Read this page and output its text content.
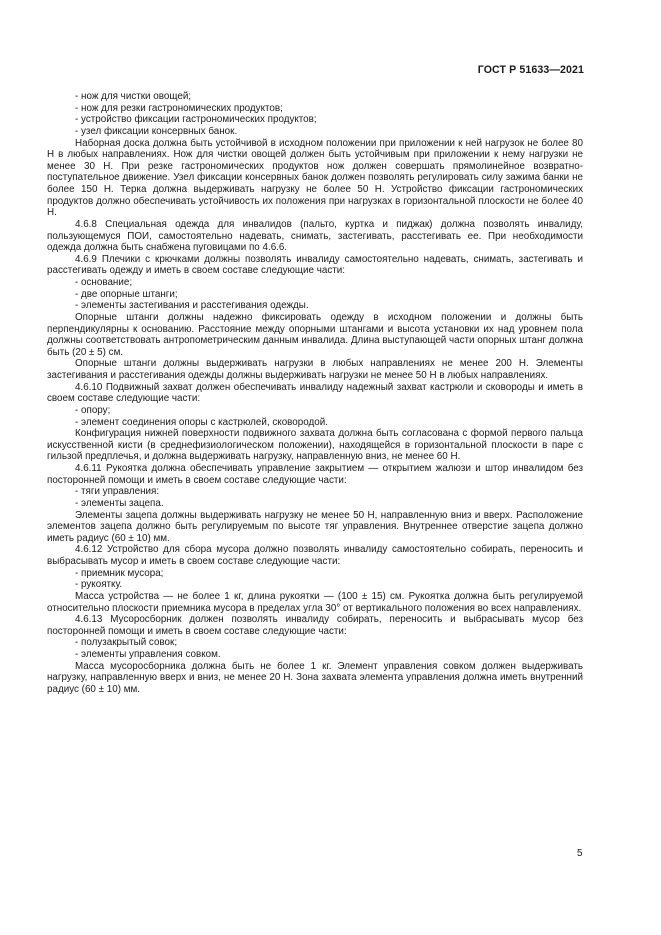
ГОСТ Р 51633—2021

- нож для чистки овощей;

- нож для резки гастрономических продуктов;

- устройство фиксации гастрономических продуктов;

- узел фиксации консервных банок.

Наборная доска должна быть устойчивой в исходном положении при приложении к ней нагрузок не более 80 Н в любых направлениях. Нож для чистки овощей должен быть устойчивым при приложении к нему нагрузки не менее 30 Н. При резке гастрономических продуктов нож должен совершать прямолинейное возвратно-поступательное движение. Узел фиксации консервных банок должен позволять регулировать силу зажима банки не более 150 Н. Терка должна выдерживать нагрузку не более 50 Н. Устройство фиксации гастрономических продуктов должно обеспечивать устойчивость их положения при нагрузках в горизонтальной плоскости не более 40 Н.

4.6.8 Специальная одежда для инвалидов (пальто, куртка и пиджак) должна позволять инвалиду, пользующемуся ПОИ, самостоятельно надевать, снимать, застегивать, расстегивать ее. При необходимости одежда должна быть снабжена пуговицами по 4.6.6.

4.6.9 Плечики с крючками должны позволять инвалиду самостоятельно надевать, снимать, застегивать и расстегивать одежду и иметь в своем составе следующие части:

- основание;

- две опорные штанги;

- элементы застегивания и расстегивания одежды.

Опорные штанги должны надежно фиксировать одежду в исходном положении и должны быть перпендикулярны к основанию. Расстояние между опорными штангами и высота установки их над уровнем пола должны соответствовать антропометрическим данным инвалида. Длина выступающей части опорных штанг должна быть (20 ± 5) см.

Опорные штанги должны выдерживать нагрузки в любых направлениях не менее 200 Н. Элементы застегивания и расстегивания одежды должны выдерживать нагрузки не менее 50 Н в любых направлениях.

4.6.10 Подвижный захват должен обеспечивать инвалиду надежный захват кастрюли и сковороды и иметь в своем составе следующие части:

- опору;

- элемент соединения опоры с кастрюлей, сковородой.

Конфигурация нижней поверхности подвижного захвата должна быть согласована с формой первого пальца искусственной кисти (в среднефизиологическом положении), находящейся в горизонтальной плоскости в паре с гильзой предплечья, и должна выдерживать нагрузку, направленную вниз, не менее 60 Н.

4.6.11 Рукоятка должна обеспечивать управление закрытием — открытием жалюзи и штор инвалидом без посторонней помощи и иметь в своем составе следующие части:

- тяги управления:

- элементы зацепа.

Элементы зацепа должны выдерживать нагрузку не менее 50 Н, направленную вниз и вверх. Расположение элементов зацепа должно быть регулируемым по высоте тяг управления. Внутреннее отверстие зацепа должно иметь радиус (60 ± 10) мм.

4.6.12 Устройство для сбора мусора должно позволять инвалиду самостоятельно собирать, переносить и выбрасывать мусор и иметь в своем составе следующие части:

- приемник мусора;

- рукоятку.

Масса устройства — не более 1 кг, длина рукоятки — (100 ± 15) см. Рукоятка должна быть регулируемой относительно плоскости приемника мусора в пределах угла 30° от вертикального положения во всех направлениях.

4.6.13 Мусоросборник должен позволять инвалиду собирать, переносить и выбрасывать мусор без посторонней помощи и иметь в своем составе следующие части:

- полузакрытый совок;

- элементы управления совком.

Масса мусоросборника должна быть не более 1 кг. Элемент управления совком должен выдерживать нагрузку, направленную вверх и вниз, не менее 20 Н. Зона захвата элемента управления должна иметь внутренний радиус (60 ± 10) мм.

5
